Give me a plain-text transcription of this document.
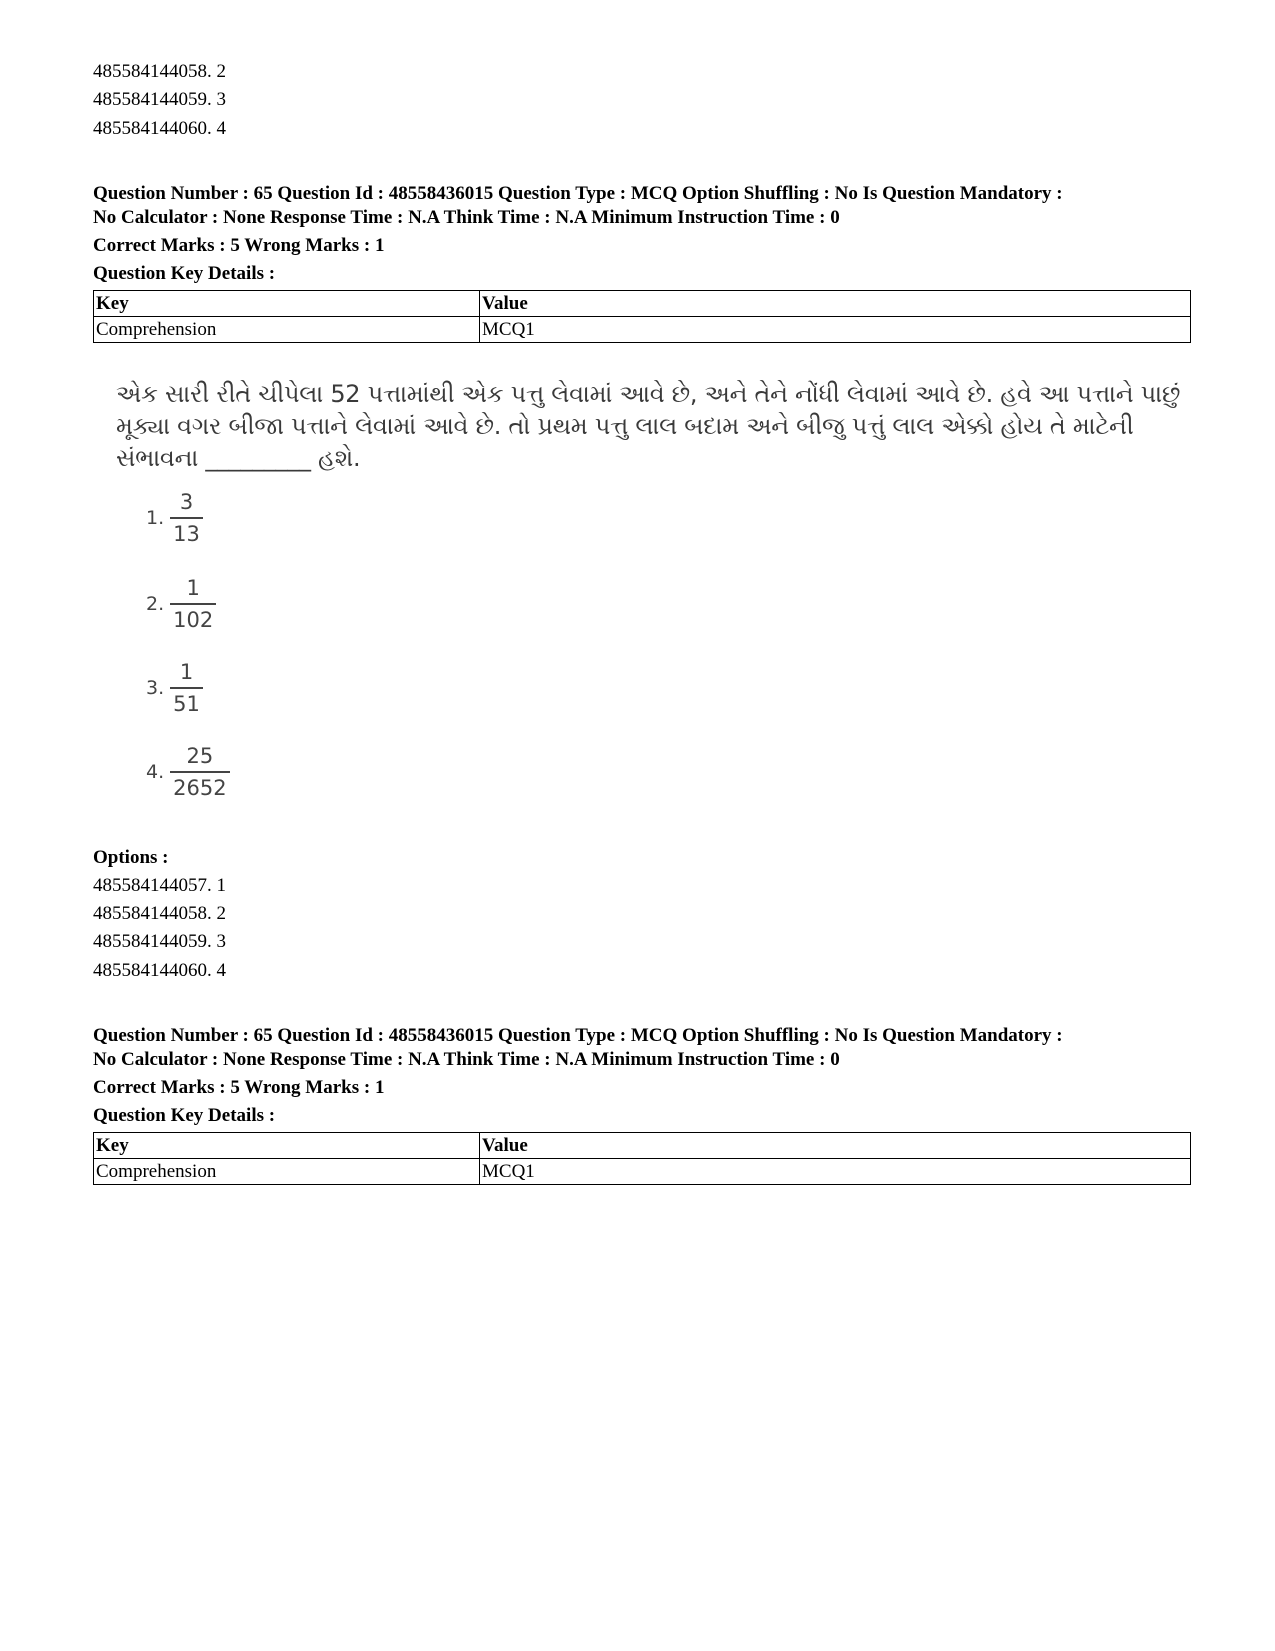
485584144058. 2
485584144059. 3
485584144060. 4
Question Number : 65 Question Id : 48558436015 Question Type : MCQ Option Shuffling : No Is Question Mandatory :
No Calculator : None Response Time : N.A Think Time : N.A Minimum Instruction Time : 0
Correct Marks : 5 Wrong Marks : 1
Question Key Details :
Key	Value
Comprehension	MCQ1
એક સારી રીતે ચીપેલા 52 પત્તામાંથી એક પત્તુ લેવામાં આવે છે, અને તેને નોંધી લેવામાં આવે છે. હવે આ પત્તાને પાછું
મૂક્યા વગર બીજા પત્તાને લેવામાં આવે છે. તો પ્રથમ પત્તુ લાલ બદામ અને બીજુ પત્તું લાલ એક્કો હોય તે માટેની
સંભાવના _________ હશે.
1. $\frac{3}{13}$
2. $\frac{1}{102}$
3. $\frac{1}{51}$
4. $\frac{25}{2652}$
Options :
485584144057. 1
485584144058. 2
485584144059. 3
485584144060. 4
Question Number : 65 Question Id : 48558436015 Question Type : MCQ Option Shuffling : No Is Question Mandatory :
No Calculator : None Response Time : N.A Think Time : N.A Minimum Instruction Time : 0
Correct Marks : 5 Wrong Marks : 1
Question Key Details :
Key	Value
Comprehension	MCQ1
